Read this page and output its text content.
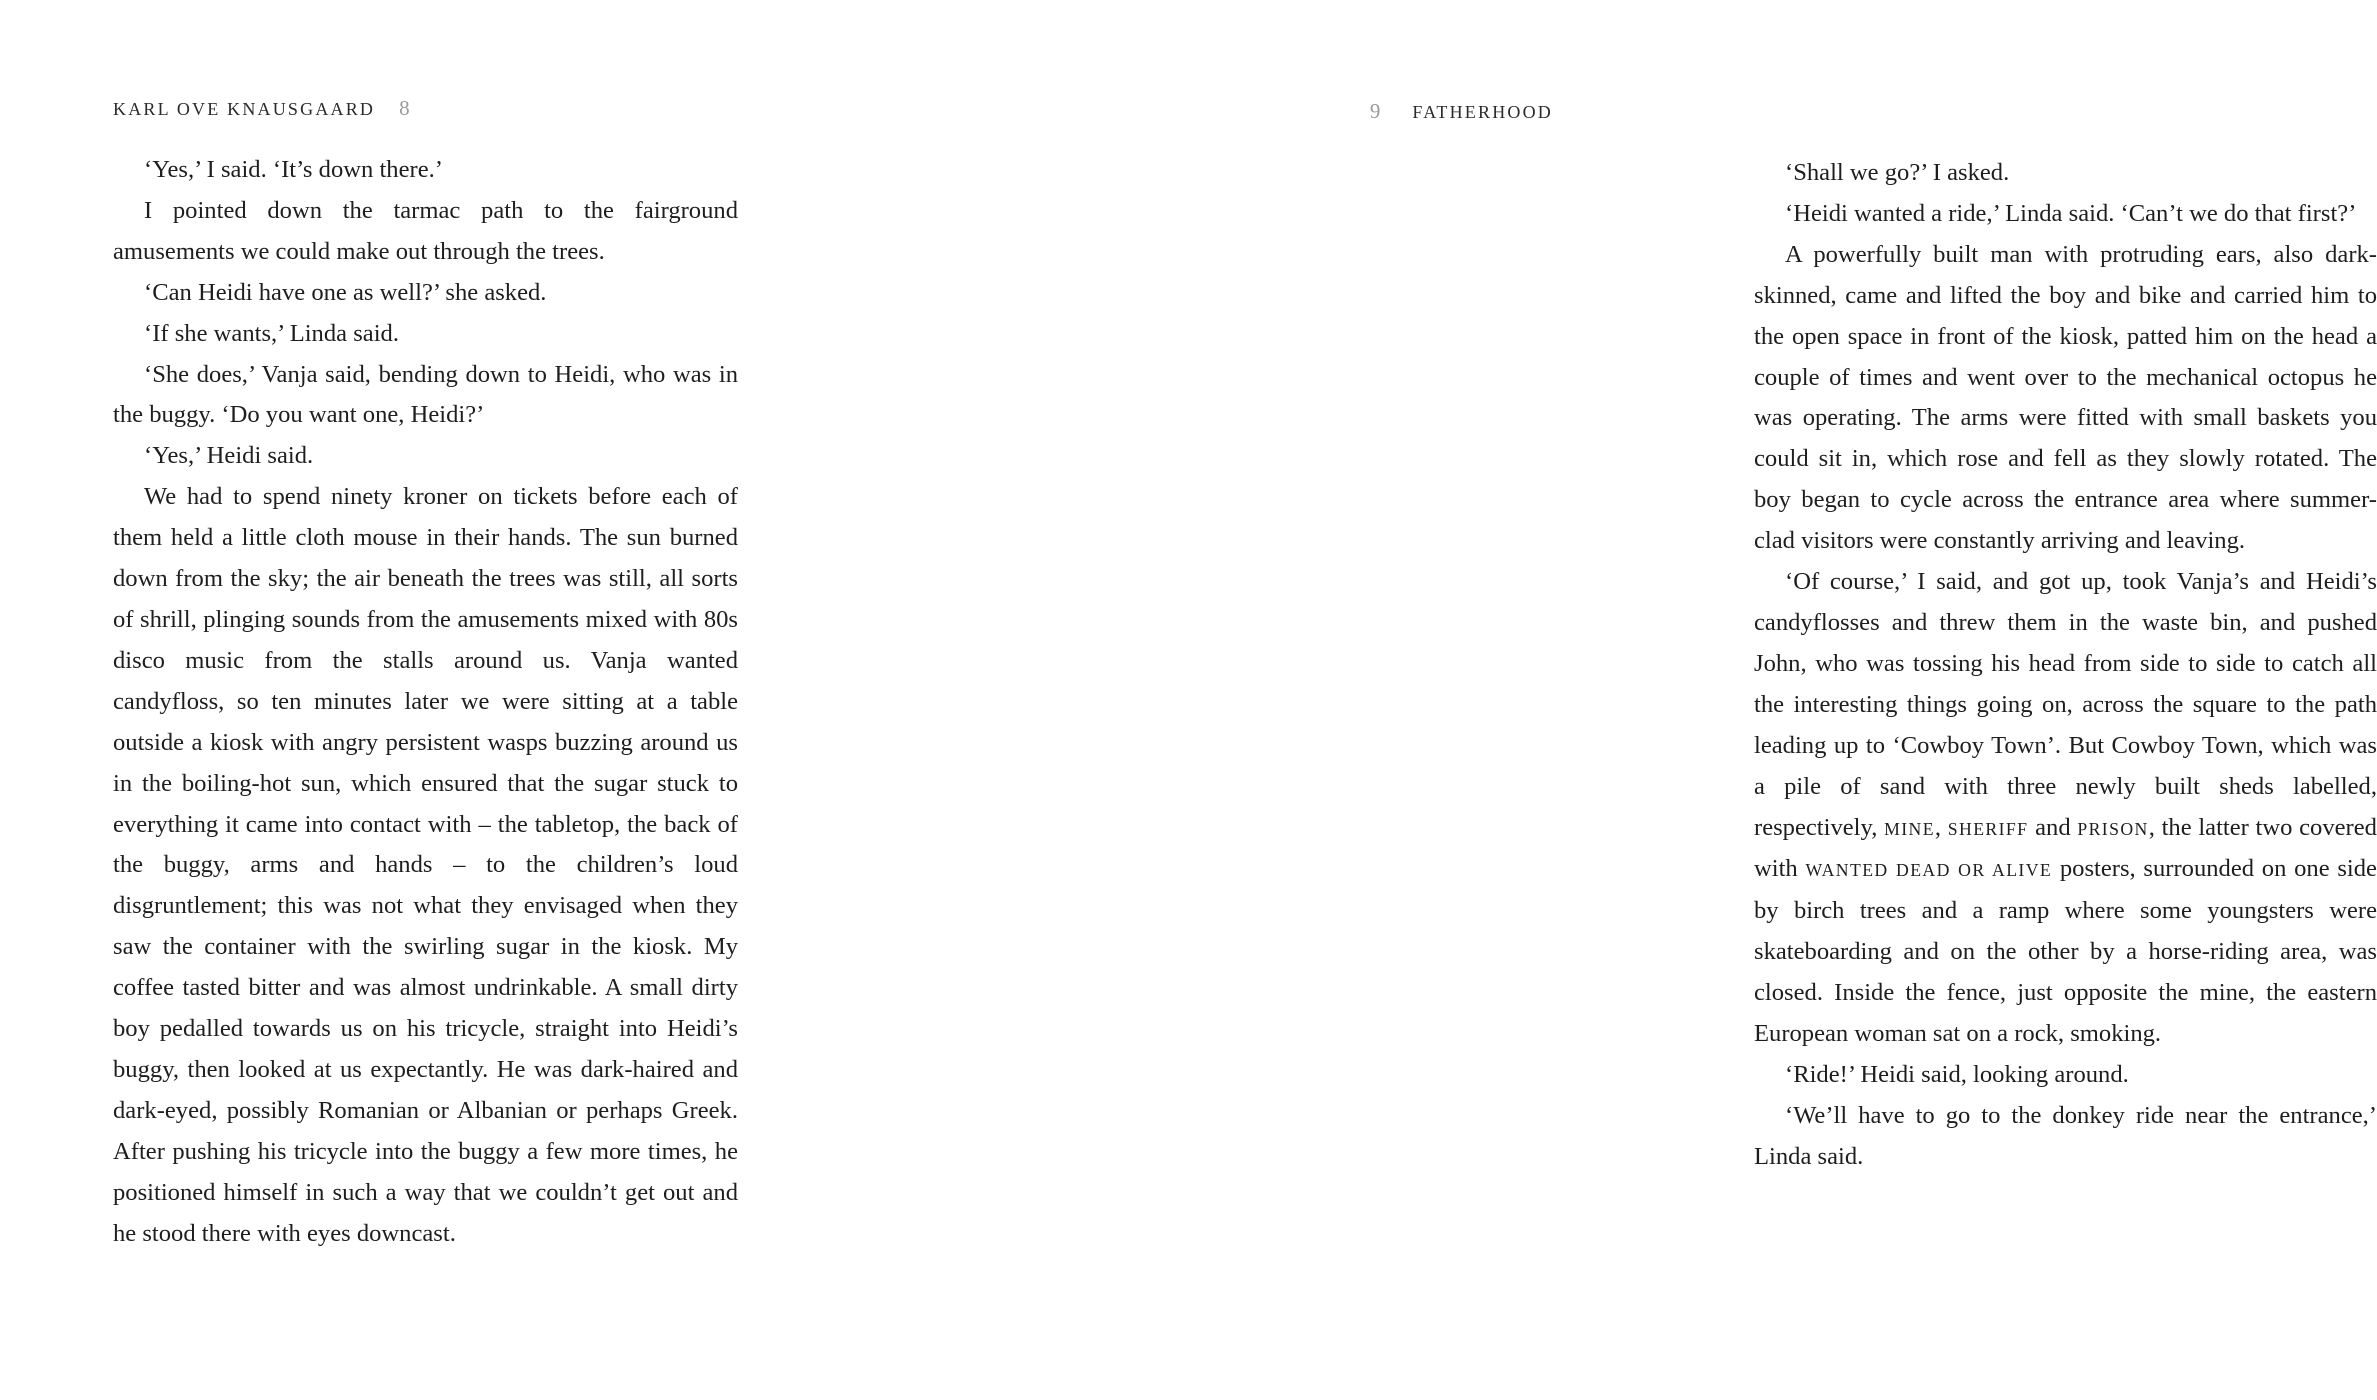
KARL OVE KNAUSGAARD 8

‘Yes,’ I said. ‘It’s down there.’

I pointed down the tarmac path to the fairground amusements we could make out through the trees.

‘Can Heidi have one as well?’ she asked.

‘If she wants,’ Linda said.

‘She does,’ Vanja said, bending down to Heidi, who was in the buggy. ‘Do you want one, Heidi?’

‘Yes,’ Heidi said.

We had to spend ninety kroner on tickets before each of them held a little cloth mouse in their hands. The sun burned down from the sky; the air beneath the trees was still, all sorts of shrill, plinging sounds from the amusements mixed with 80s disco music from the stalls around us. Vanja wanted candyfloss, so ten minutes later we were sitting at a table outside a kiosk with angry persistent wasps buzzing around us in the boiling-hot sun, which ensured that the sugar stuck to everything it came into contact with – the tabletop, the back of the buggy, arms and hands – to the children’s loud disgruntlement; this was not what they envisaged when they saw the container with the swirling sugar in the kiosk. My coffee tasted bitter and was almost undrinkable. A small dirty boy pedalled towards us on his tricycle, straight into Heidi’s buggy, then looked at us expectantly. He was dark-haired and dark-eyed, possibly Romanian or Albanian or perhaps Greek. After pushing his tricycle into the buggy a few more times, he positioned himself in such a way that we couldn’t get out and he stood there with eyes downcast.

9 FATHERHOOD

‘Shall we go?’ I asked.

‘Heidi wanted a ride,’ Linda said. ‘Can’t we do that first?’

A powerfully built man with protruding ears, also dark-skinned, came and lifted the boy and bike and carried him to the open space in front of the kiosk, patted him on the head a couple of times and went over to the mechanical octopus he was operating. The arms were fitted with small baskets you could sit in, which rose and fell as they slowly rotated. The boy began to cycle across the entrance area where summer-clad visitors were constantly arriving and leaving.

‘Of course,’ I said, and got up, took Vanja’s and Heidi’s candyflosses and threw them in the waste bin, and pushed John, who was tossing his head from side to side to catch all the interesting things going on, across the square to the path leading up to ‘Cowboy Town’. But Cowboy Town, which was a pile of sand with three newly built sheds labelled, respectively, MINE, SHERIFF and PRISON, the latter two covered with WANTED DEAD OR ALIVE posters, surrounded on one side by birch trees and a ramp where some youngsters were skateboarding and on the other by a horse-riding area, was closed. Inside the fence, just opposite the mine, the eastern European woman sat on a rock, smoking.

‘Ride!’ Heidi said, looking around.

‘We’ll have to go to the donkey ride near the entrance,’ Linda said.
